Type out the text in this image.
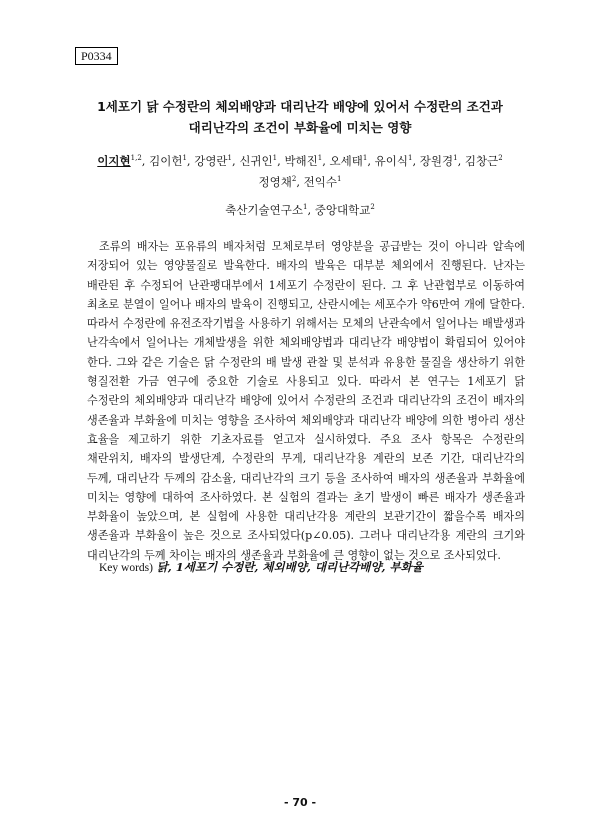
P0334
1세포기 닭 수정란의 체외배양과 대리난각 배양에 있어서 수정란의 조건과
대리난각의 조건이 부화율에 미치는 영향
이지현$^{1,2}$, 김이헌$^1$, 강영란$^1$, 신귀인$^1$, 박해진$^1$, 오세태$^1$, 유이식$^1$, 장원경$^1$, 김창근$^2$
정영채$^2$, 전익수$^1$
축산기술연구소$^1$, 중앙대학교$^2$

조류의 배자는 포유류의 배자처럼 모체로부터 영양분을 공급받는 것이 아니라 알속에 저장되어 있는 영양물질로 발육한다. 배자의 발육은 대부분 체외에서 진행된다. 난자는 배란된 후 수정되어 난관팽대부에서 1세포기 수정란이 된다. 그 후 난관협부로 이동하여 최초로 분열이 일어나 배자의 발육이 진행되고, 산란시에는 세포수가 약6만여 개에 달한다. 따라서 수정란에 유전조작기법을 사용하기 위해서는 모체의 난관속에서 일어나는 배발생과 난각속에서 일어나는 개체발생을 위한 체외배양법과 대리난각 배양법이 확립되어 있어야 한다. 그와 같은 기술은 닭 수정란의 배 발생 관찰 및 분석과 유용한 물질을 생산하기 위한 형질전환 가금 연구에 중요한 기술로 사용되고 있다. 따라서 본 연구는 1세포기 닭 수정란의 체외배양과 대리난각 배양에 있어서 수정란의 조건과 대리난각의 조건이 배자의 생존율과 부화율에 미치는 영향을 조사하여 체외배양과 대리난각 배양에 의한 병아리 생산 효율을 제고하기 위한 기초자료를 얻고자 실시하였다. 주요 조사 항목은 수정란의 채란위치, 배자의 발생단계, 수정란의 무게, 대리난각용 계란의 보존 기간, 대리난각의 두께, 대리난각 두께의 감소율, 대리난각의 크기 등을 조사하여 배자의 생존율과 부화율에 미치는 영향에 대하여 조사하였다. 본 실험의 결과는 초기 발생이 빠른 배자가 생존율과 부화율이 높았으며, 본 실험에 사용한 대리난각용 계란의 보관기간이 짧을수록 배자의 생존율과 부화율이 높은 것으로 조사되었다(p∠0.05). 그러나 대리난각용 계란의 크기와 대리난각의 두께 차이는 배자의 생존율과 부화율에 큰 영향이 없는 것으로 조사되었다.

Key words) 닭, 1세포기 수정란, 체외배양, 대리난각배양, 부화율
- 70 -
